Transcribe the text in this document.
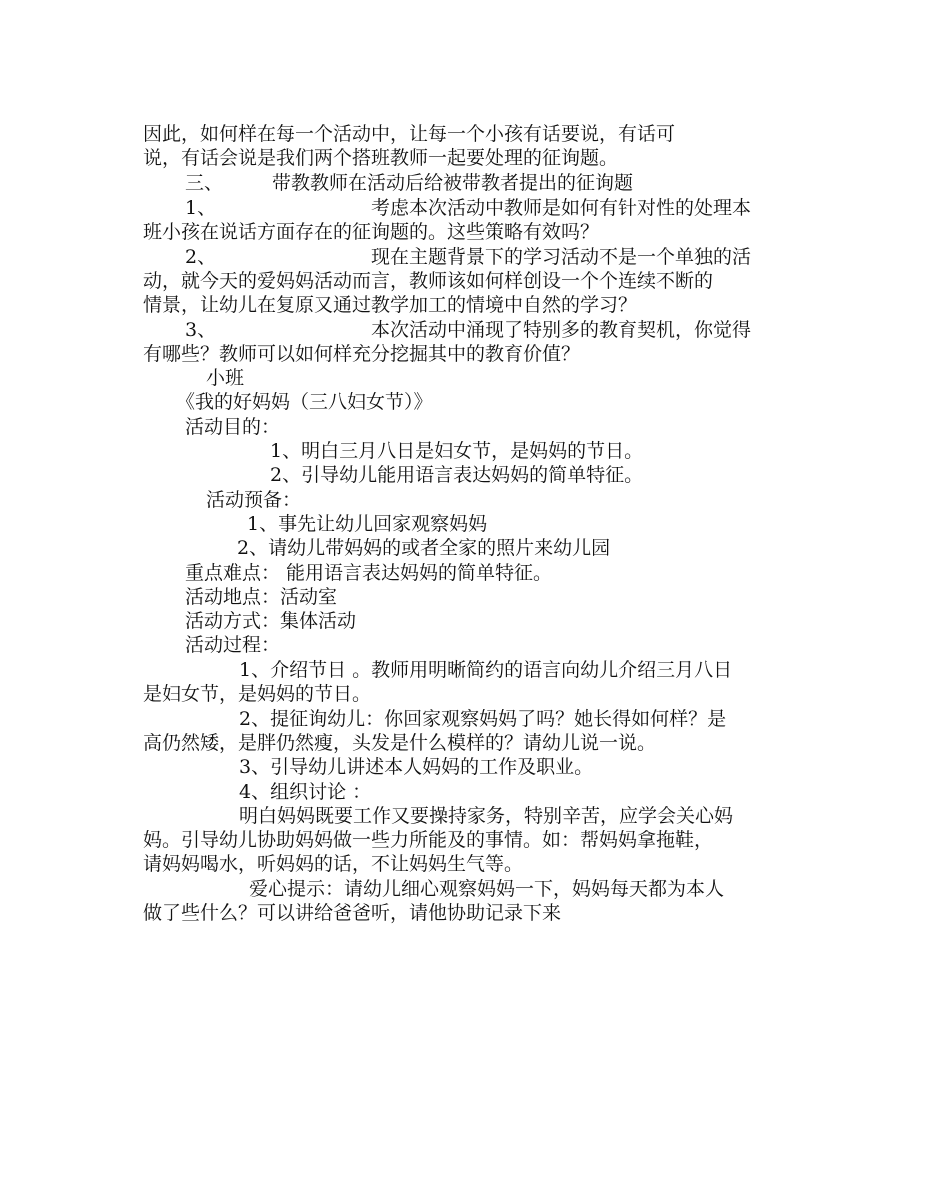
因此，如何样在每一个活动中，让每一个小孩有话要说，有话可
说，有话会说是我们两个搭班教师一起要处理的征询题。
三、	带教教师在活动后给被带教者提出的征询题
1、	考虑本次活动中教师是如何有针对性的处理本
班小孩在说话方面存在的征询题的。这些策略有效吗？
2、	现在主题背景下的学习活动不是一个单独的活
动，就今天的爱妈妈活动而言，教师该如何样创设一个个连续不断的
情景，让幼儿在复原又通过教学加工的情境中自然的学习？
3、	本次活动中涌现了特别多的教育契机，你觉得
有哪些？教师可以如何样充分挖掘其中的教育价值？
小班
《我的好妈妈（三八妇女节）》
活动目的：
1、明白三月八日是妇女节，是妈妈的节日。
2、引导幼儿能用语言表达妈妈的简单特征。
活动预备：
1、事先让幼儿回家观察妈妈
2、请幼儿带妈妈的或者全家的照片来幼儿园
重点难点： 能用语言表达妈妈的简单特征。
活动地点：活动室
活动方式：集体活动
活动过程：
1、介绍节日 。教师用明晰简约的语言向幼儿介绍三月八日
是妇女节，是妈妈的节日。
2、提征询幼儿：你回家观察妈妈了吗？她长得如何样？是
高仍然矮，是胖仍然瘦，头发是什么模样的？请幼儿说一说。
3、引导幼儿讲述本人妈妈的工作及职业。
4、组织讨论 ：
明白妈妈既要工作又要操持家务，特别辛苦，应学会关心妈
妈。引导幼儿协助妈妈做一些力所能及的事情。如：帮妈妈拿拖鞋，
请妈妈喝水，听妈妈的话，不让妈妈生气等。
爱心提示：请幼儿细心观察妈妈一下，妈妈每天都为本人
做了些什么？可以讲给爸爸听，请他协助记录下来
